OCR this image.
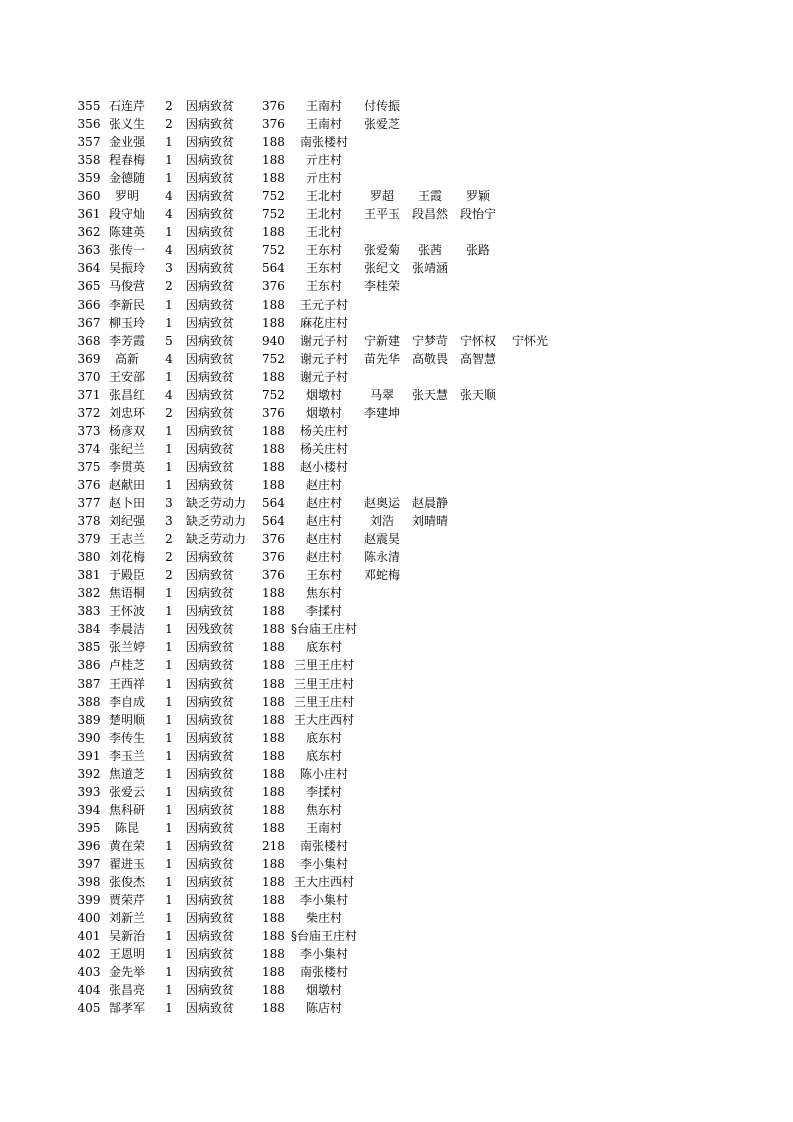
355 石连芹	2 因病致贫	376	王南村	付传振
356 张义生	2 因病致贫	376	王南村	张爱芝
357 金业强	1 因病致贫	188	南张楼村
358 程春梅	1 因病致贫	188	亓庄村
359 金德随	1 因病致贫	188	亓庄村
360	罗明	4 因病致贫	752	王北村	罗超	王霞	罗颖
361 段守灿	4 因病致贫	752	王北村	王平玉 段昌然 段怡宁
362 陈建英	1 因病致贫	188	王北村
363 张传一	4 因病致贫	752	王东村	张爱菊	张茜	张路
364 吴振玲	3 因病致贫	564	王东村	张纪文 张靖涵
365 马俊营	2 因病致贫	376	王东村	李桂荣
366 李新民	1 因病致贫	188	王元子村
367 柳玉玲	1 因病致贫	188	麻花庄村
368 李芳霞	5 因病致贫	940	谢元子村	宁新建 宁梦苛 宁怀权	宁怀光
369	高新	4 因病致贫	752	谢元子村	苗先华 高敬畏 高智慧
370 王安部	1 因病致贫	188	谢元子村
371 张昌红	4 因病致贫	752	烟墩村	马翠	张天慧 张天顺
372 刘忠环	2 因病致贫	376	烟墩村	李建坤
373 杨彦双	1 因病致贫	188	杨关庄村
374 张纪兰	1 因病致贫	188	杨关庄村
375 李贯英	1 因病致贫	188	赵小楼村
376 赵献田	1 因病致贫	188	赵庄村
377 赵卜田	3 缺乏劳动力	564	赵庄村	赵奥运 赵晨静
378 刘纪强	3 缺乏劳动力	564	赵庄村	刘浩	刘晴晴
379 王志兰	2 缺乏劳动力	376	赵庄村	赵震昊
380 刘花梅	2 因病致贫	376	赵庄村	陈永清
381 于殿臣	2 因病致贫	376	王东村	邓蛇梅
382 焦语桐	1 因病致贫	188	焦东村
383 王怀波	1 因病致贫	188	李揉村
384 李晨洁	1 因残致贫	188 §台庙王庄村
385 张兰婷	1 因病致贫	188	底东村
386 卢桂芝	1 因病致贫	188 三里王庄村
387 王西祥	1 因病致贫	188 三里王庄村
388 李自成	1 因病致贫	188 三里王庄村
389 楚明顺	1 因病致贫	188 王大庄西村
390 李传生	1 因病致贫	188	底东村
391 李玉兰	1 因病致贫	188	底东村
392 焦道芝	1 因病致贫	188	陈小庄村
393 张爱云	1 因病致贫	188	李揉村
394 焦科研	1 因病致贫	188	焦东村
395	陈昆	1 因病致贫	188	王南村
396 黄在荣	1 因病致贫	218	南张楼村
397 翟进玉	1 因病致贫	188	李小集村
398 张俊杰	1 因病致贫	188 王大庄西村
399 贾荣芹	1 因病致贫	188	李小集村
400 刘新兰	1 因病致贫	188	柴庄村
401 吴新治	1 因病致贫	188 §台庙王庄村
402 王恩明	1 因病致贫	188	李小集村
403 金先举	1 因病致贫	188	南张楼村
404 张昌亮	1 因病致贫	188	烟墩村
405 郜孝军	1 因病致贫	188	陈店村
